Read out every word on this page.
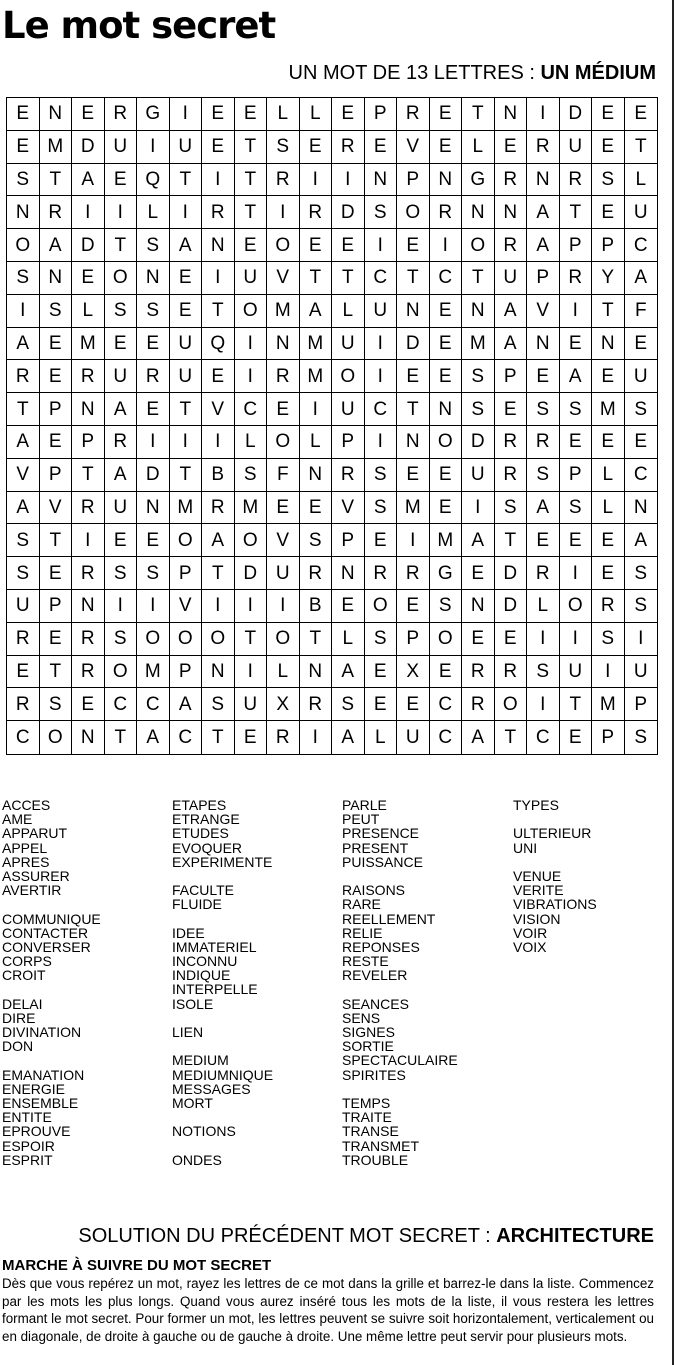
Le mot secret
UN MOT DE 13 LETTRES : UN MÉDIUM
E	N	E	R G	I	E	E	L	L	E	P	R	E	T	N	I	D	E	E
E M D U	I	U	E	T	S	E	R	E	V	E	L	E	R U	E	T
S	T	A	E Q	T	I	T	R	I	I	N	P	N G R N R	S	L
N R	I	I	L	I	R	T	I	R D	S O R N N	A	T	E	U
O A	D	T	S	A	N	E O E	E	I	E	I	O R	A	P	P	C
S	N	E O N	E	I	U	V	T	T	C	T	C	T	U	P	R	Y	A
I	S	L	S	S	E	T	O M A	L	U N	E	N	A	V	I	T	F
A	E M E	E	U Q	I	N M U	I	D	E M A	N	E	N	E
R	E	R U R U	E	I	R M O	I	E	E	S	P	E	A	E	U
T	P	N	A	E	T	V	C	E	I	U C	T	N	S	E	S	S M S
A	E	P	R	I	I	I	L	O	L	P	I	N O D R R	E	E	E
V	P	T	A	D	T	B	S	F	N R	S	E	E	U R	S	P	L	C
A	V	R U N M R M E	E	V	S M E	I	S	A	S	L	N
S	T	I	E	E O A O V	S	P	E	I	M A	T	E	E	E	A
S	E	R	S	S	P	T	D U R N R R G E	D R	I	E	S
U	P	N	I	I	V	I	I	I	B	E O E	S	N D	L	O R	S
R	E	R	S O O O	T	O	T	L	S	P O E	E	I	I	S	I
E	T	R O M P	N	I	L	N	A	E	X	E	R R	S	U	I	U
R	S	E	C C	A	S	U	X	R	S	E	E	C R O	I	T M P
C O N	T	A	C	T	E	R	I	A	L	U C	A	T	C	E	P	S
ACCES
AME
APPARUT
APPEL
APRES
ASSURER
AVERTIR
COMMUNIQUE
CONTACTER
CONVERSER
CORPS
CROIT
DELAI
DIRE
DIVINATION
DON
EMANATION
ENERGIE
ENSEMBLE
ENTITE
EPROUVE
ESPOIR
ESPRIT
ETAPES
ETRANGE
ETUDES
EVOQUER
EXPERIMENTE
FACULTE
FLUIDE
IDEE
IMMATERIEL
INCONNU
INDIQUE
INTERPELLE
ISOLE
LIEN
MEDIUM
MEDIUMNIQUE
MESSAGES
MORT
NOTIONS
ONDES
PARLE
PEUT
PRESENCE
PRESENT
PUISSANCE
RAISONS
RARE
REELLEMENT
RELIE
REPONSES
RESTE
REVELER
SEANCES
SENS
SIGNES
SORTIE
SPECTACULAIRE
SPIRITES
TEMPS
TRAITE
TRANSE
TRANSMET
TROUBLE
TYPES
ULTERIEUR
UNI
VENUE
VERITE
VIBRATIONS
VISION
VOIR
VOIX
SOLUTION DU PRÉCÉDENT MOT SECRET : ARCHITECTURE
MARCHE À SUIVRE DU MOT SECRET
Dès que vous repérez un mot, rayez les lettres de ce mot dans la grille et barrez-le dans la liste. Commencez par les mots les plus longs. Quand vous aurez inséré tous les mots de la liste, il vous restera les lettres formant le mot secret. Pour former un mot, les lettres peuvent se suivre soit horizontalement, verticalement ou en diagonale, de droite à gauche ou de gauche à droite. Une même lettre peut servir pour plusieurs mots.
